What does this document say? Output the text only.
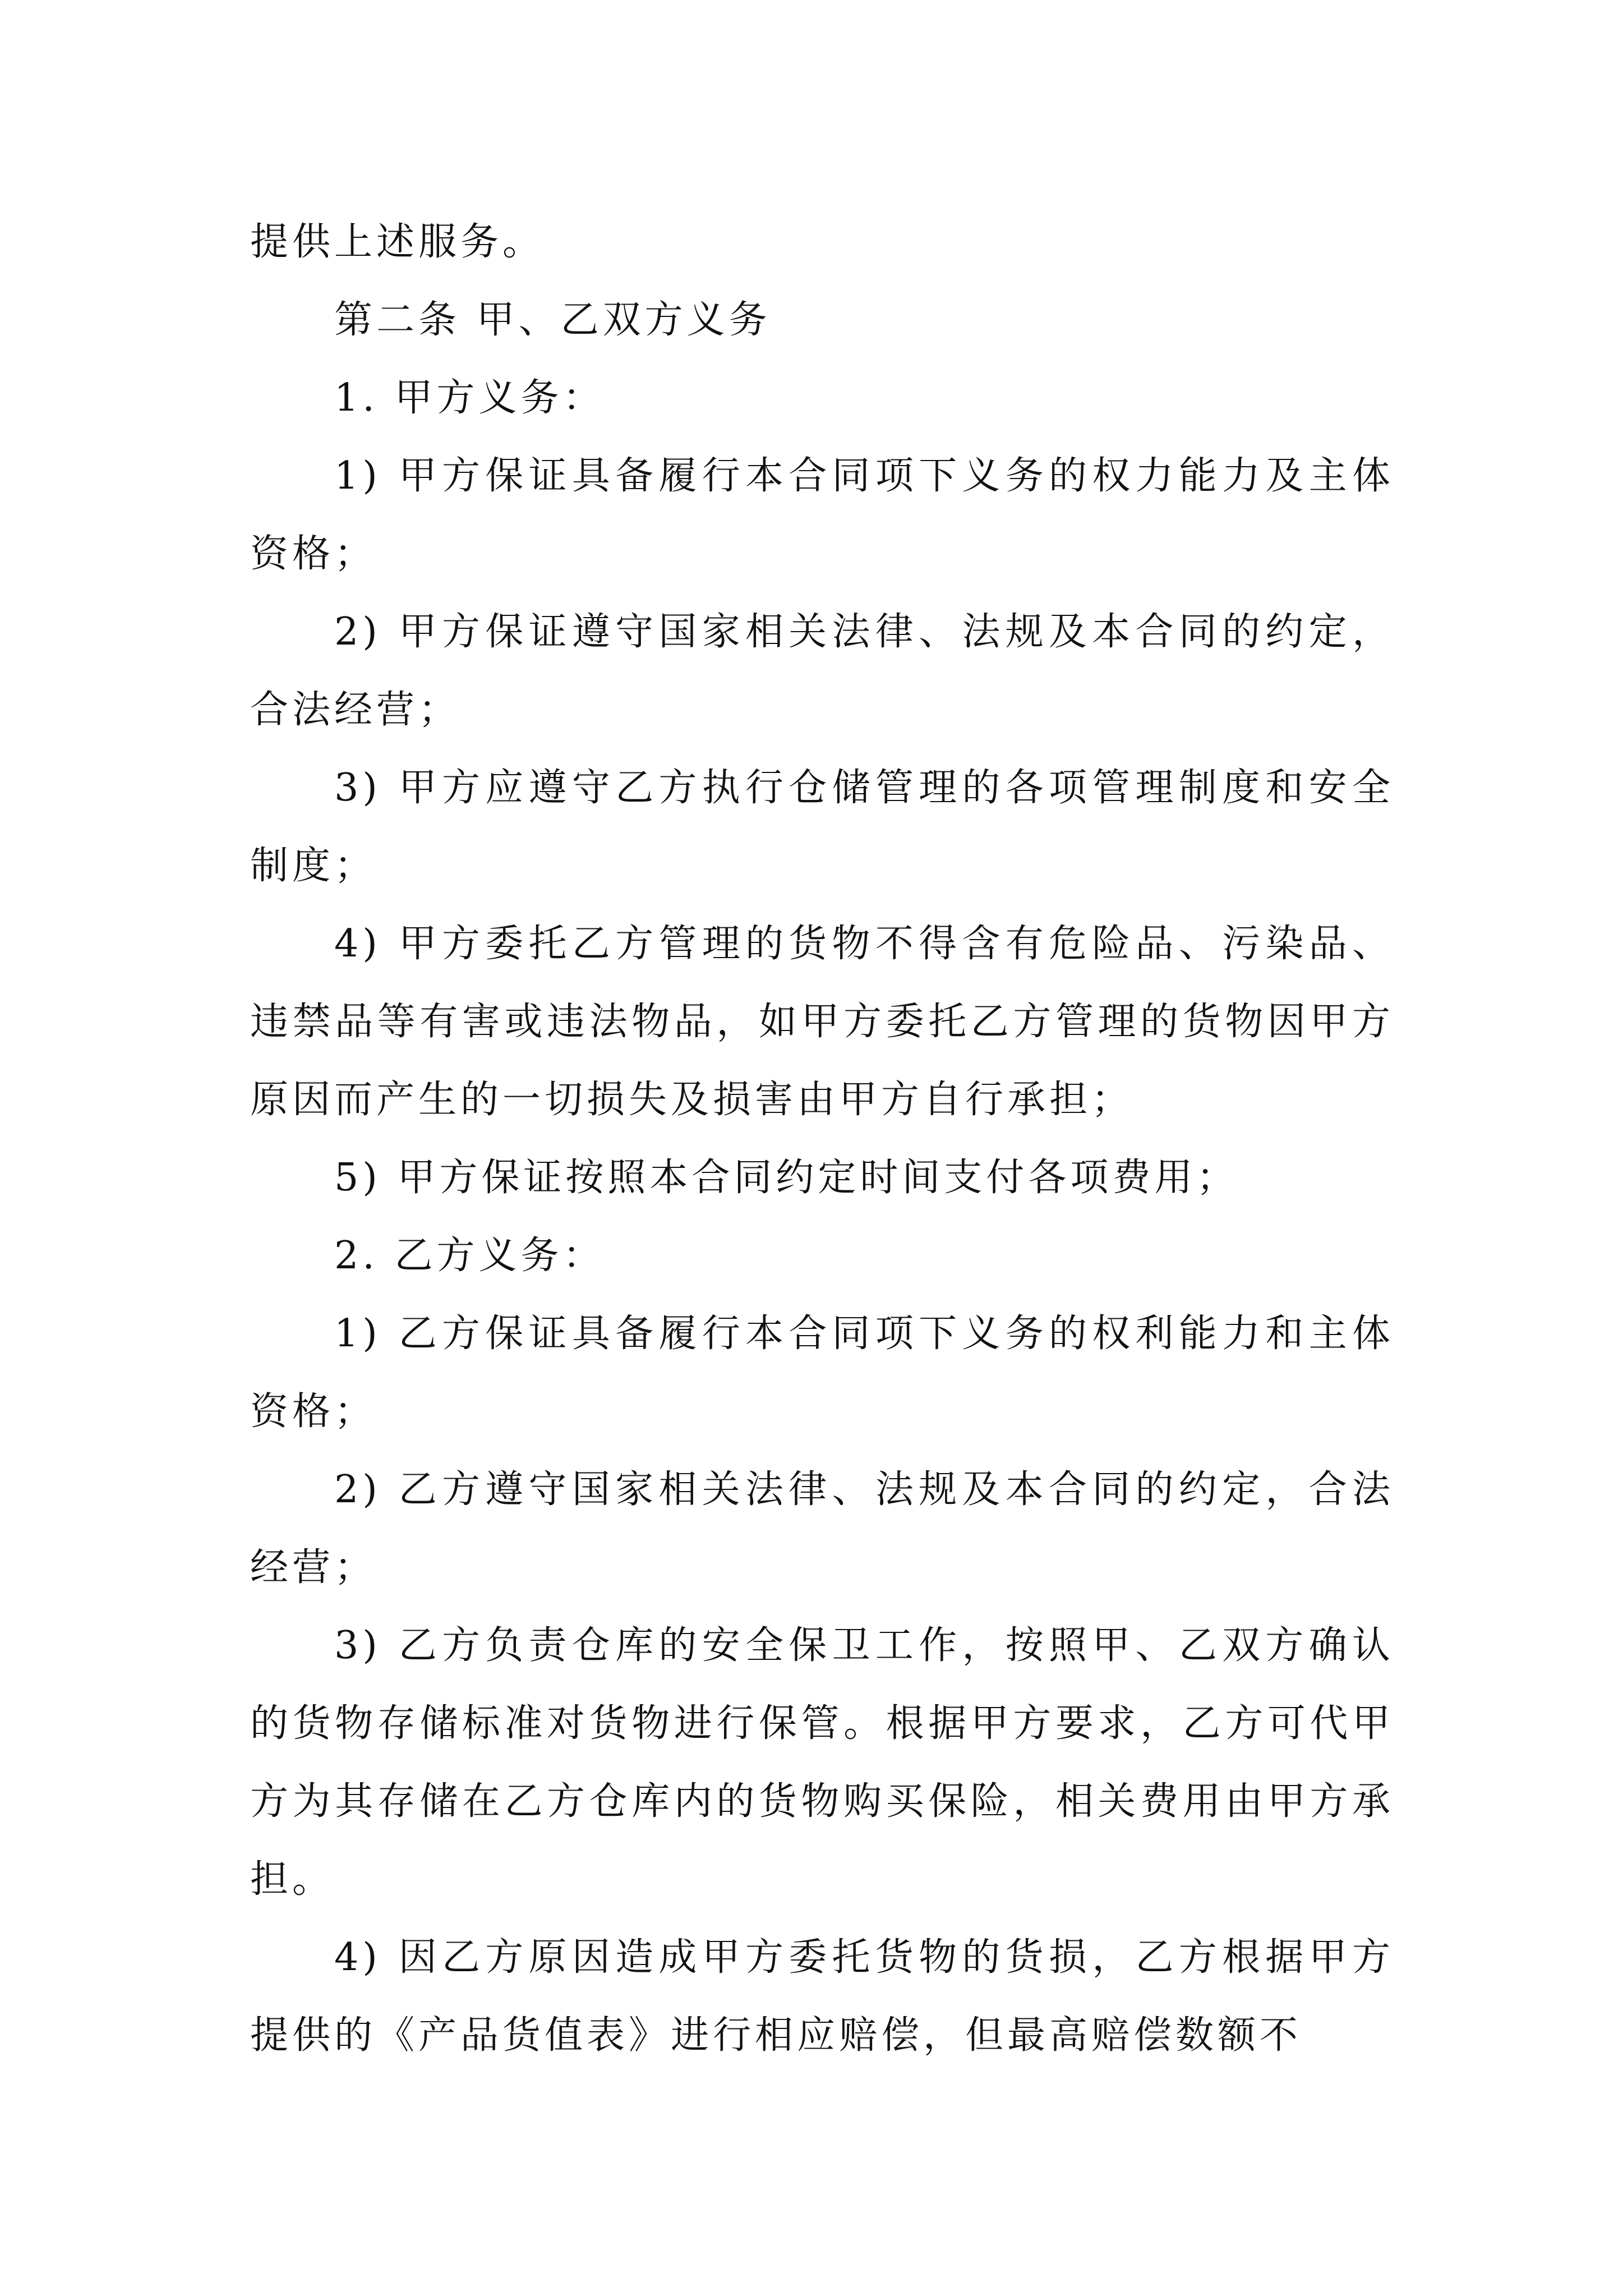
提供上述服务。

第二条 甲、乙双方义务

1. 甲方义务：

1) 甲方保证具备履行本合同项下义务的权力能力及主体资格；

2) 甲方保证遵守国家相关法律、法规及本合同的约定，合法经营；

3) 甲方应遵守乙方执行仓储管理的各项管理制度和安全制度；

4) 甲方委托乙方管理的货物不得含有危险品、污染品、违禁品等有害或违法物品，如甲方委托乙方管理的货物因甲方原因而产生的一切损失及损害由甲方自行承担；

5) 甲方保证按照本合同约定时间支付各项费用；

2. 乙方义务：

1) 乙方保证具备履行本合同项下义务的权利能力和主体资格；

2) 乙方遵守国家相关法律、法规及本合同的约定，合法经营；

3) 乙方负责仓库的安全保卫工作，按照甲、乙双方确认的货物存储标准对货物进行保管。根据甲方要求，乙方可代甲方为其存储在乙方仓库内的货物购买保险，相关费用由甲方承担。

4) 因乙方原因造成甲方委托货物的货损，乙方根据甲方提供的《产品货值表》进行相应赔偿，但最高赔偿数额不
